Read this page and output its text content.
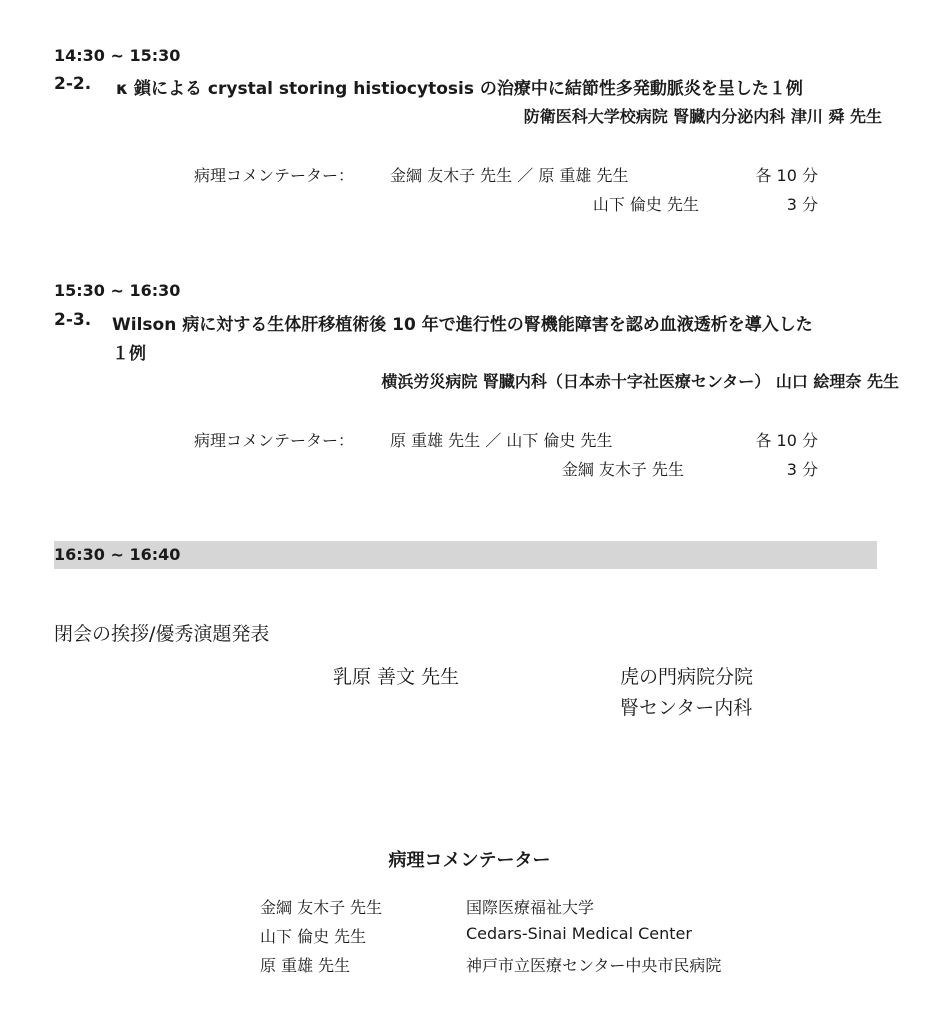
14:30 ~ 15:30
2-2. κ 鎖による crystal storing histiocytosis の治療中に結節性多発動脈炎を呈した１例
防衛医科大学校病院 腎臓内分泌内科 津川 舜 先生
病理コメンテーター： 金綱 友木子 先生 ／ 原 重雄 先生	各 10 分
山下 倫史 先生	3 分
15:30 ~ 16:30
2-3. Wilson 病に対する生体肝移植術後 10 年で進行性の腎機能障害を認め血液透析を導入した
１例
横浜労災病院 腎臓内科（日本赤十字社医療センター） 山口 絵理奈 先生
病理コメンテーター： 原 重雄 先生 ／ 山下 倫史 先生	各 10 分
金綱 友木子 先生	3 分
16:30 ~ 16:40
閉会の挨拶/優秀演題発表
乳原 善文 先生	虎の門病院分院
腎センター内科
病理コメンテーター
金綱 友木子 先生	国際医療福祉大学
山下 倫史 先生	Cedars-Sinai Medical Center
原 重雄 先生	神戸市立医療センター中央市民病院
